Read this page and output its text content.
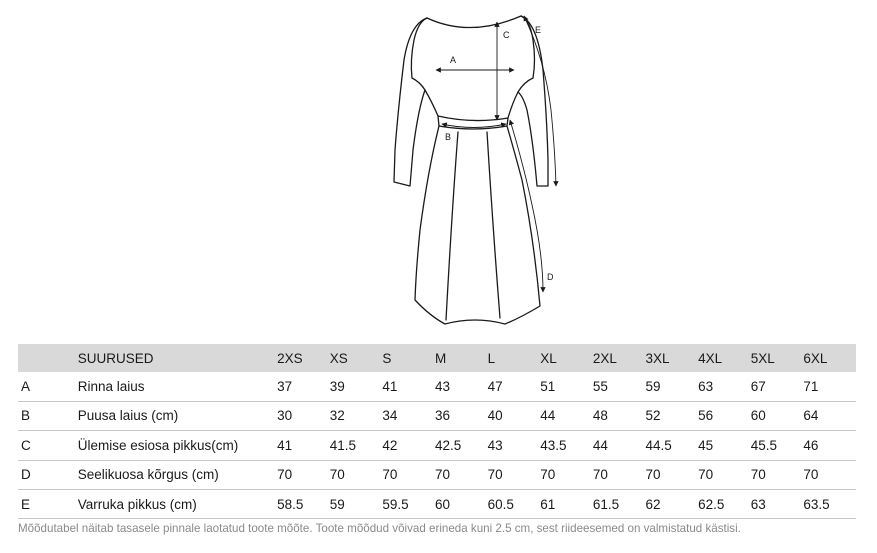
A
B
C
D
E
	SUURUSED	2XS	XS	S	M	L	XL	2XL	3XL	4XL	5XL	6XL
A	Rinna laius	37	39	41	43	47	51	55	59	63	67	71
B	Puusa laius (cm)	30	32	34	36	40	44	48	52	56	60	64
C	Ülemise esiosa pikkus(cm)	41	41.5	42	42.5	43	43.5	44	44.5	45	45.5	46
D	Seelikuosa kõrgus (cm)	70	70	70	70	70	70	70	70	70	70	70
E	Varruka pikkus (cm)	58.5	59	59.5	60	60.5	61	61.5	62	62.5	63	63.5
Mõõdutabel näitab tasasele pinnale laotatud toote mõõte. Toote mõõdud võivad erineda kuni 2.5 cm, sest riideesemed on valmistatud kästisi.
